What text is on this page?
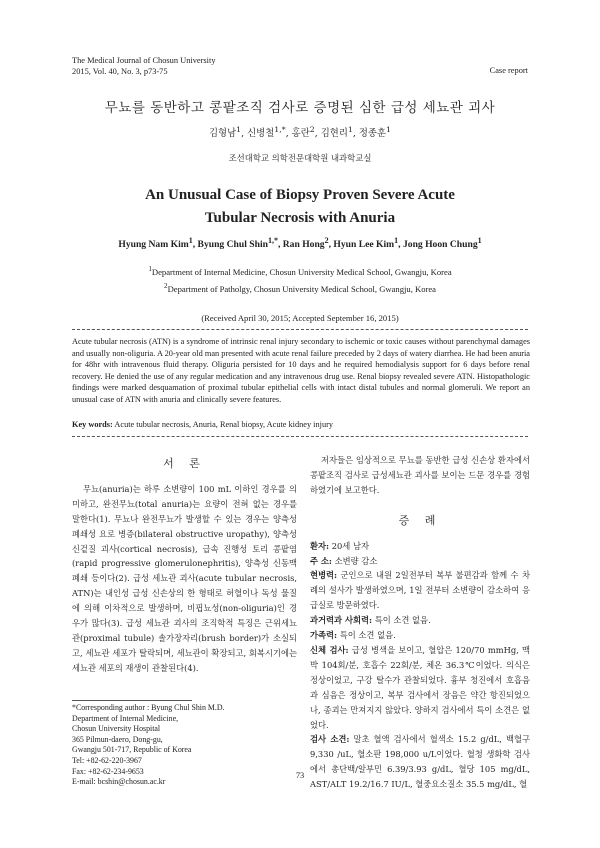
The Medical Journal of Chosun University
2015, Vol. 40, No. 3, p73-75	Case report
무뇨를 동반하고 콩팥조직 검사로 증명된 심한 급성 세뇨관 괴사
김형남$^1$, 신병철$^{1,*}$, 홍란$^2$, 김현리$^1$, 정종훈$^1$
조선대학교 의학전문대학원 내과학교실
An Unusual Case of Biopsy Proven Severe Acute
Tubular Necrosis with Anuria
Hyung Nam Kim$^1$, Byung Chul Shin$^{1,*}$, Ran Hong$^2$, Hyun Lee Kim$^1$, Jong Hoon Chung$^1$
$^1$Department of Internal Medicine, Chosun University Medical School, Gwangju, Korea
$^2$Department of Patholgy, Chosun University Medical School, Gwangju, Korea
(Received April 30, 2015; Accepted September 16, 2015)
Acute tubular necrosis (ATN) is a syndrome of intrinsic renal injury secondary to ischemic or toxic causes without parenchymal damages and usually non-oliguria. A 20-year old man presented with acute renal failure preceded by 2 days of watery diarrhea. He had been anuria for 48hr with intravenous fluid therapy. Oliguria persisted for 10 days and he required hemodialysis support for 6 days before renal recovery. He denied the use of any regular medication and any intravenous drug use. Renal biopsy revealed severe ATN. Histopathologic findings were marked desquamation of proximal tubular epithelial cells with intact distal tubules and normal glomeruli. We report an unusual case of ATN with anuria and clinically severe features.
Key words: Acute tubular necrosis, Anuria, Renal biopsy, Acute kidney injury
서 론

무뇨(anuria)는 하루 소변량이 100 mL 이하인 경우를 의미하고, 완전무뇨(total anuria)는 요량이 전혀 없는 경우를 말한다(1). 무뇨나 완전무뇨가 발생할 수 있는 경우는 양측성 폐쇄성 요로 병증(bilateral obstructive uropathy), 양측성 신겉질 괴사(cortical necrosis), 급속 진행성 토리 콩팥염(rapid progressive glomerulonephritis), 양측성 신동맥 폐쇄 등이다(2). 급성 세뇨관 괴사(acute tubular necrosis, ATN)는 내인성 급성 신손상의 한 형태로 허혈이나 독성 물질에 의해 이차적으로 발생하며, 비핍뇨성(non-oliguria)인 경우가 많다(3). 급성 세뇨관 괴사의 조직학적 특징은 근위세뇨관(proximal tubule) 솔가장자리(brush border)가 소실되고, 세뇨관 세포가 탈락되며, 세뇨관이 확장되고, 회복시기에는 세뇨관 세포의 재생이 관찰된다(4).

*Corresponding author : Byung Chul Shin M.D.
Department of Internal Medicine,
Chosun University Hospital
365 Pilmun-daero, Dong-gu,
Gwangju 501-717, Republic of Korea
Tel: +82-62-220-3967
Fax: +82-62-234-9653
E-mail: bcshin@chosun.ac.kr

저자들은 임상적으로 무뇨를 동반한 급성 신손상 환자에서 콩팥조직 검사로 급성세뇨관 괴사를 보이는 드문 경우를 경험하였기에 보고한다.

증 례

환자: 20세 남자

주 소: 소변량 감소

현병력: 군인으로 내원 2일전부터 복부 불편감과 함께 수 차례의 설사가 발생하였으며, 1일 전부터 소변량이 감소하여 응급실로 방문하였다.

과거력과 사회력: 특이 소견 없음.

가족력: 특이 소견 없음.

신체 검사: 급성 병색을 보이고, 혈압은 120/70 mmHg, 맥박 104회/분, 호흡수 22회/분, 체온 36.3℃이었다. 의식은 정상이었고, 구강 탈수가 관찰되었다. 흉부 청진에서 호흡음과 심음은 정상이고, 복부 검사에서 장음은 약간 항진되었으나, 종괴는 만져지지 않았다. 양하지 검사에서 특이 소견은 없었다.

검사 소견: 말초 혈액 검사에서 혈색소 15.2 g/dL, 백혈구 9,330 /uL, 혈소판 198,000 u/L이었다. 혈청 생화학 검사에서 총단백/알부민 6.39/3.93 g/dL, 혈당 105 mg/dL, AST/ALT 19.2/16.7 IU/L, 혈중요소질소 35.5 mg/dL, 혈

73
